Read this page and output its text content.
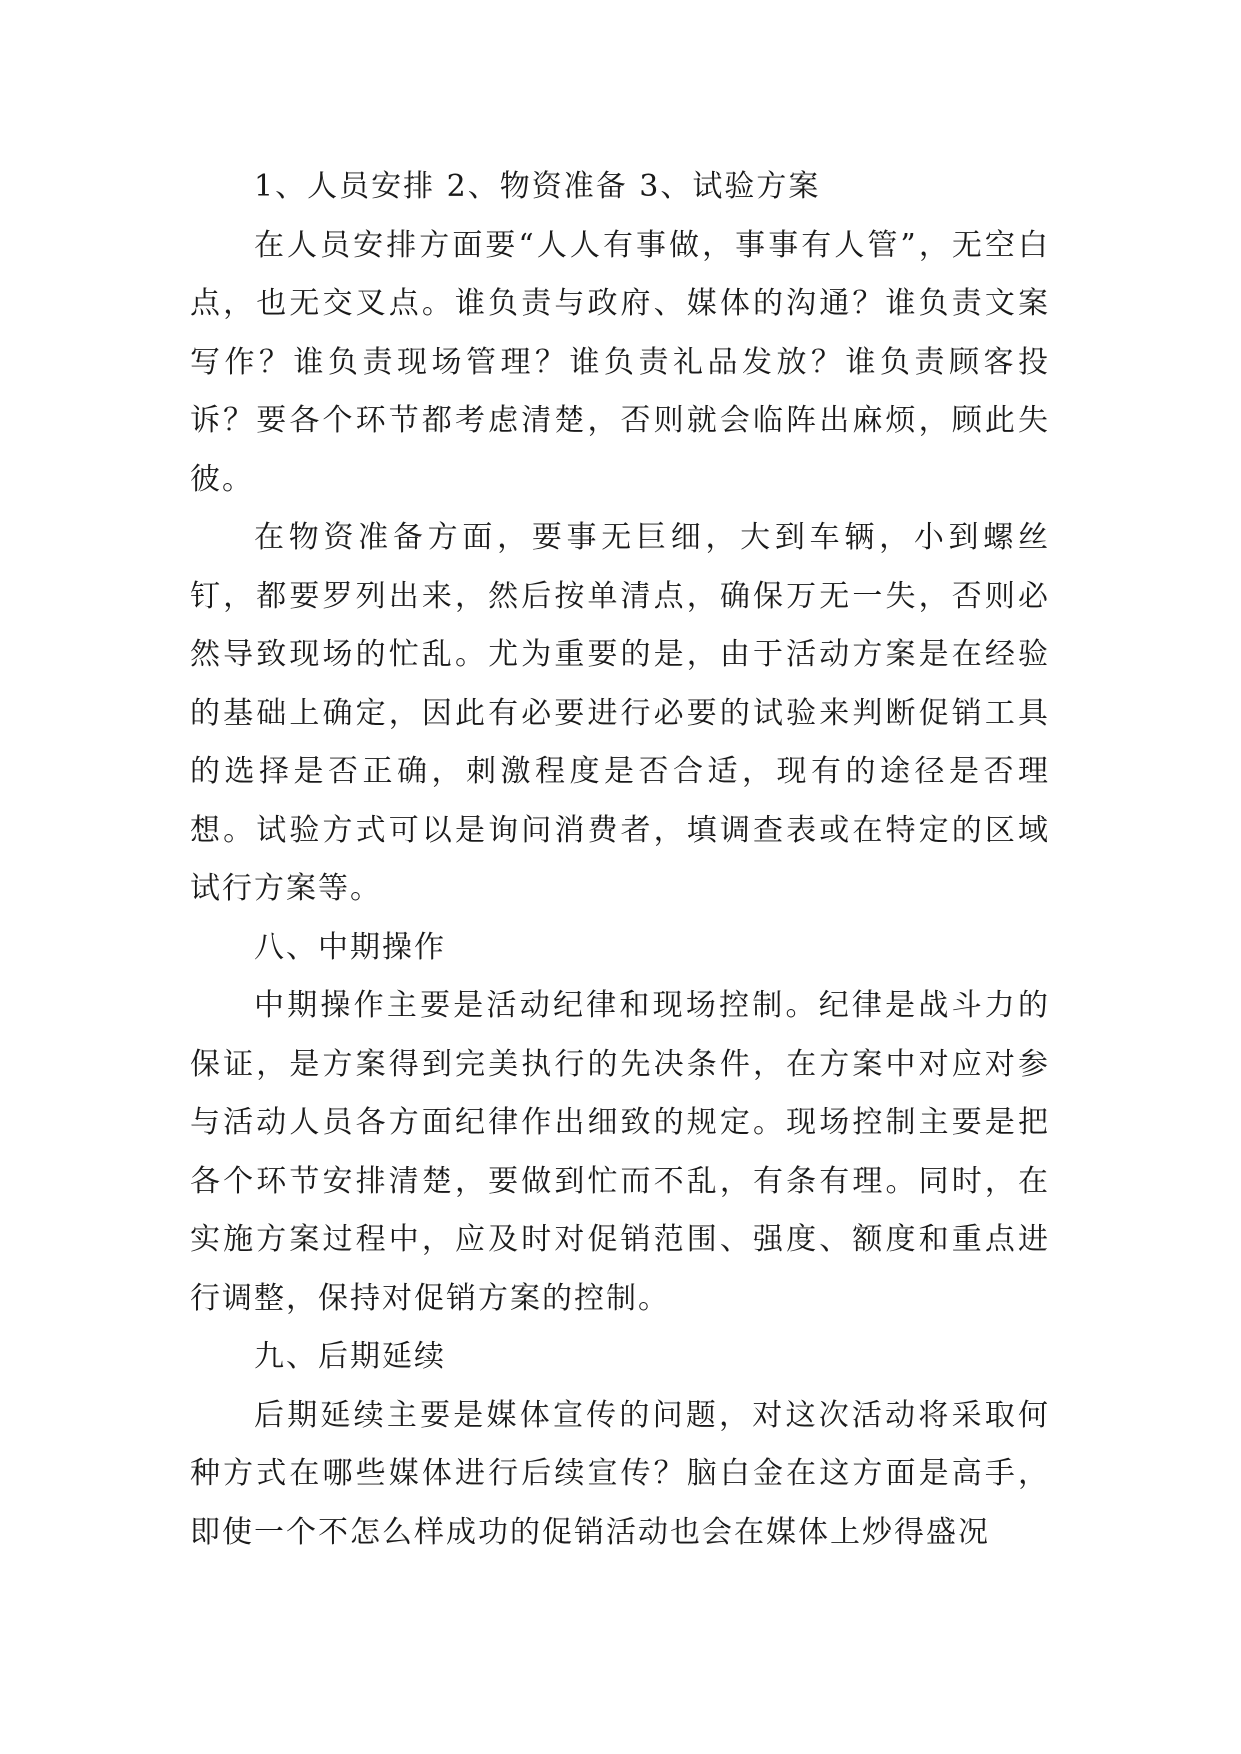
1、人员安排 2、物资准备 3、试验方案

在人员安排方面要“人人有事做，事事有人管”，无空白点，也无交叉点。谁负责与政府、媒体的沟通？谁负责文案写作？谁负责现场管理？谁负责礼品发放？谁负责顾客投诉？要各个环节都考虑清楚，否则就会临阵出麻烦，顾此失彼。

在物资准备方面，要事无巨细，大到车辆，小到螺丝钉，都要罗列出来，然后按单清点，确保万无一失，否则必然导致现场的忙乱。尤为重要的是，由于活动方案是在经验的基础上确定，因此有必要进行必要的试验来判断促销工具的选择是否正确，刺激程度是否合适，现有的途径是否理想。试验方式可以是询问消费者，填调查表或在特定的区域试行方案等。

八、中期操作

中期操作主要是活动纪律和现场控制。纪律是战斗力的保证，是方案得到完美执行的先决条件，在方案中对应对参与活动人员各方面纪律作出细致的规定。现场控制主要是把各个环节安排清楚，要做到忙而不乱，有条有理。同时，在实施方案过程中，应及时对促销范围、强度、额度和重点进行调整，保持对促销方案的控制。

九、后期延续

后期延续主要是媒体宣传的问题，对这次活动将采取何种方式在哪些媒体进行后续宣传？脑白金在这方面是高手，即使一个不怎么样成功的促销活动也会在媒体上炒得盛况
